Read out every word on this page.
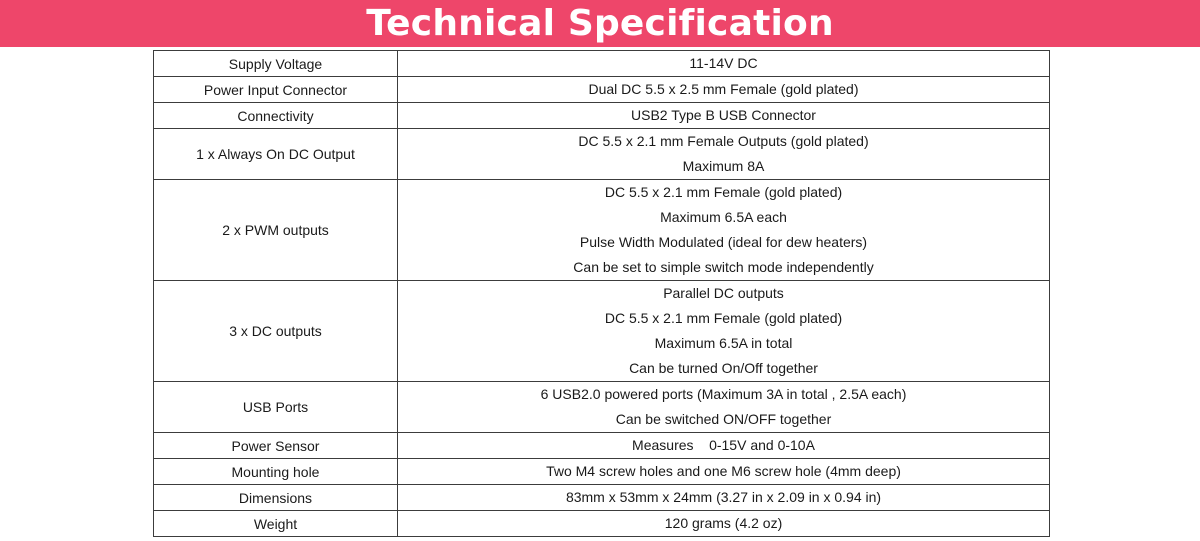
Technical Specification
Supply Voltage	11-14V DC

Power Input Connector	Dual DC 5.5 x 2.5 mm Female (gold plated)

Connectivity	USB2 Type B USB Connector

1 x Always On DC Output	DC 5.5 x 2.1 mm Female Outputs (gold plated)
Maximum 8A

2 x PWM outputs	DC 5.5 x 2.1 mm Female (gold plated)
Maximum 6.5A each
Pulse Width Modulated (ideal for dew heaters)
Can be set to simple switch mode independently

3 x DC outputs	Parallel DC outputs
DC 5.5 x 2.1 mm Female (gold plated)
Maximum 6.5A in total
Can be turned On/Off together

USB Ports	6 USB2.0 powered ports (Maximum 3A in total , 2.5A each)
Can be switched ON/OFF together

Power Sensor	Measures    0-15V and 0-10A

Mounting hole	Two M4 screw holes and one M6 screw hole (4mm deep)

Dimensions	83mm x 53mm x 24mm (3.27 in x 2.09 in x 0.94 in)

Weight	120 grams (4.2 oz)
